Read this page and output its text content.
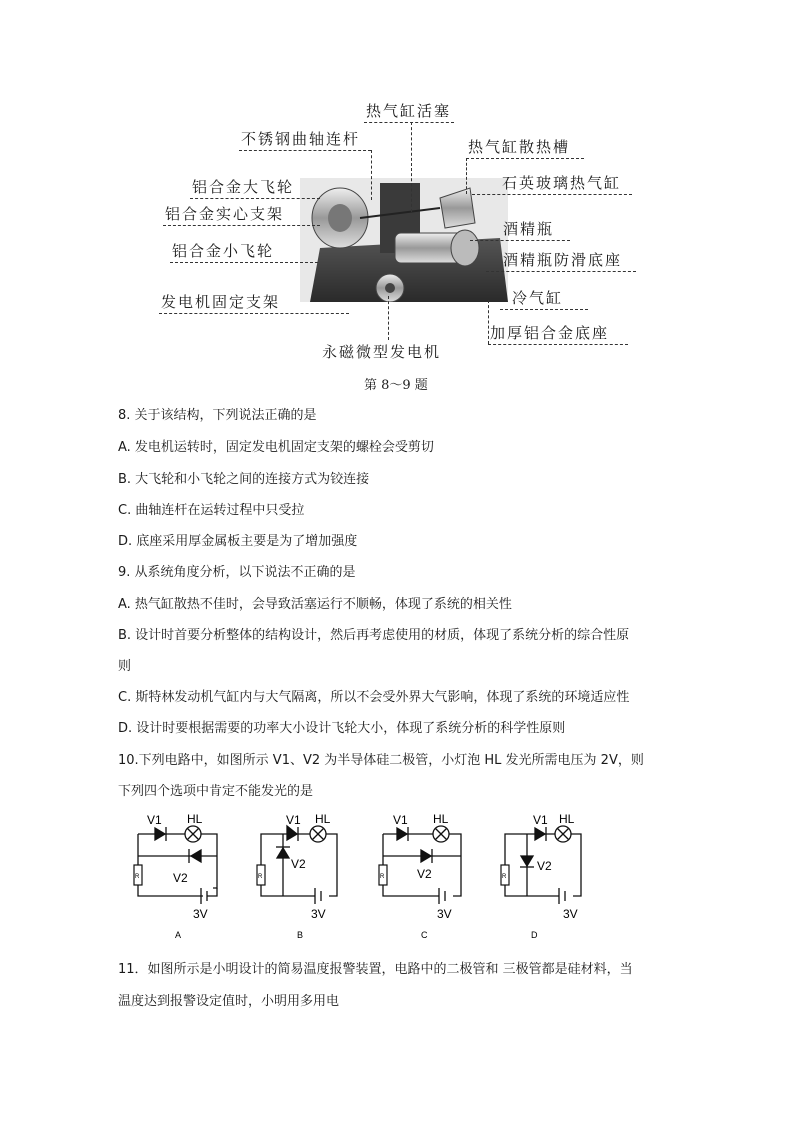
热气缸活塞
不锈钢曲轴连杆	热气缸散热槽
铝合金大飞轮	石英玻璃热气缸
铝合金实心支架
酒精瓶
铝合金小飞轮	酒精瓶防滑底座
发电机固定支架	冷气缸
加厚铝合金底座
永磁微型发电机
第 8～9 题
8. 关于该结构，下列说法正确的是
A. 发电机运转时，固定发电机固定支架的螺栓会受剪切
B. 大飞轮和小飞轮之间的连接方式为铰连接
C. 曲轴连杆在运转过程中只受拉
D. 底座采用厚金属板主要是为了增加强度
9. 从系统角度分析，以下说法不正确的是
A. 热气缸散热不佳时，会导致活塞运行不顺畅，体现了系统的相关性
B. 设计时首要分析整体的结构设计，然后再考虑使用的材质，体现了系统分析的综合性原
则
C. 斯特林发动机气缸内与大气隔离，所以不会受外界大气影响，体现了系统的环境适应性
D. 设计时要根据需要的功率大小设计飞轮大小，体现了系统分析的科学性原则
10.下列电路中，如图所示 V1、V2 为半导体硅二极管，小灯泡 HL 发光所需电压为 2V，则
下列四个选项中肯定不能发光的是
V1 HL
V2
R
3V
A
V1 HL
V2
R
3V
B
V1 HL
V2
R
3V
C
V1 HL
V2
R
3V
D
11．如图所示是小明设计的简易温度报警装置，电路中的二极管和 三极管都是硅材料，当
温度达到报警设定值时，小明用多用电
